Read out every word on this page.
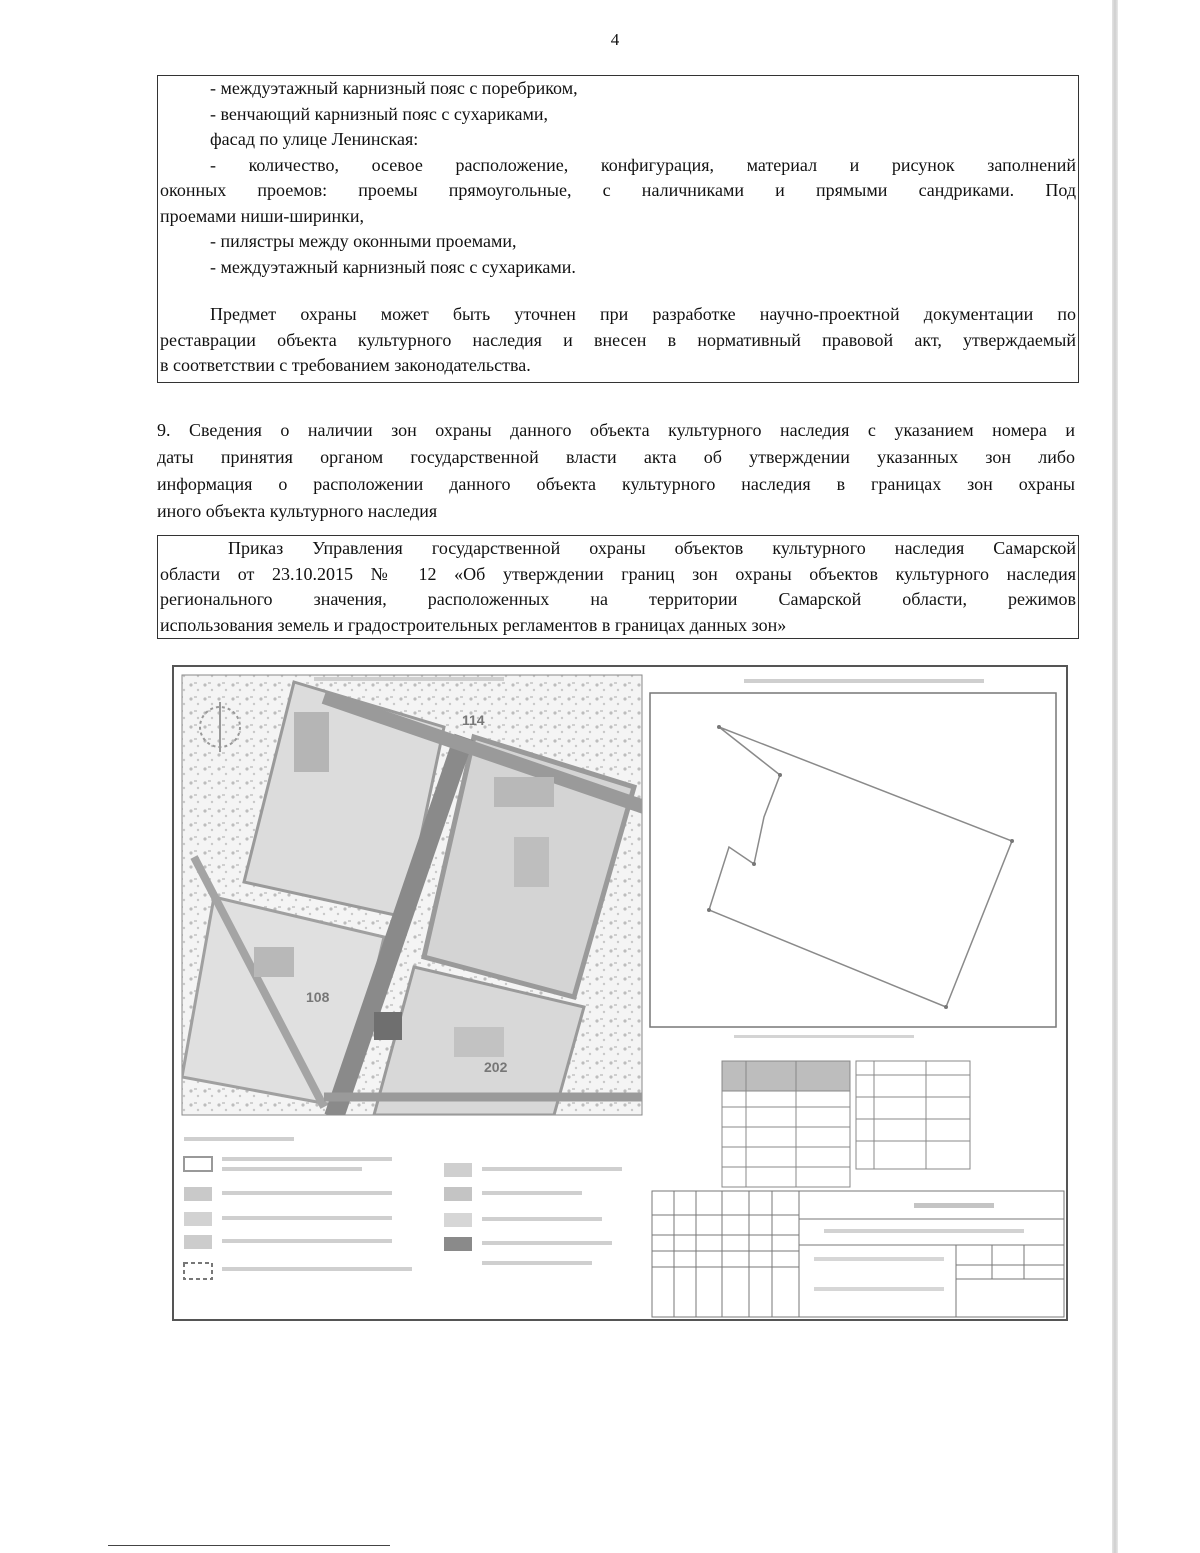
4
- междуэтажный карнизный пояс с поребриком,
- венчающий карнизный пояс с сухариками,
фасад по улице Ленинская:
- количество, осевое расположение, конфигурация, материал и рисунок заполнений
оконных проемов: проемы прямоугольные, с наличниками и прямыми сандриками. Под
проемами ниши-ширинки,
- пилястры между оконными проемами,
- междуэтажный карнизный пояс с сухариками.
Предмет охраны может быть уточнен при разработке научно-проектной документации по
реставрации объекта культурного наследия и внесен в нормативный правовой акт, утверждаемый
в соответствии с требованием законодательства.
9. Сведения о наличии зон охраны данного объекта культурного наследия с указанием номера и
даты принятия органом государственной власти акта об утверждении указанных зон либо
информация о расположении данного объекта культурного наследия в границах зон охраны
иного объекта культурного наследия
Приказ Управления государственной охраны объектов культурного наследия Самарской
области от 23.10.2015 № 12 «Об утверждении границ зон охраны объектов культурного наследия
регионального значения, расположенных на территории Самарской области, режимов
использования земель и градостроительных регламентов в границах данных зон»
114
108
202
